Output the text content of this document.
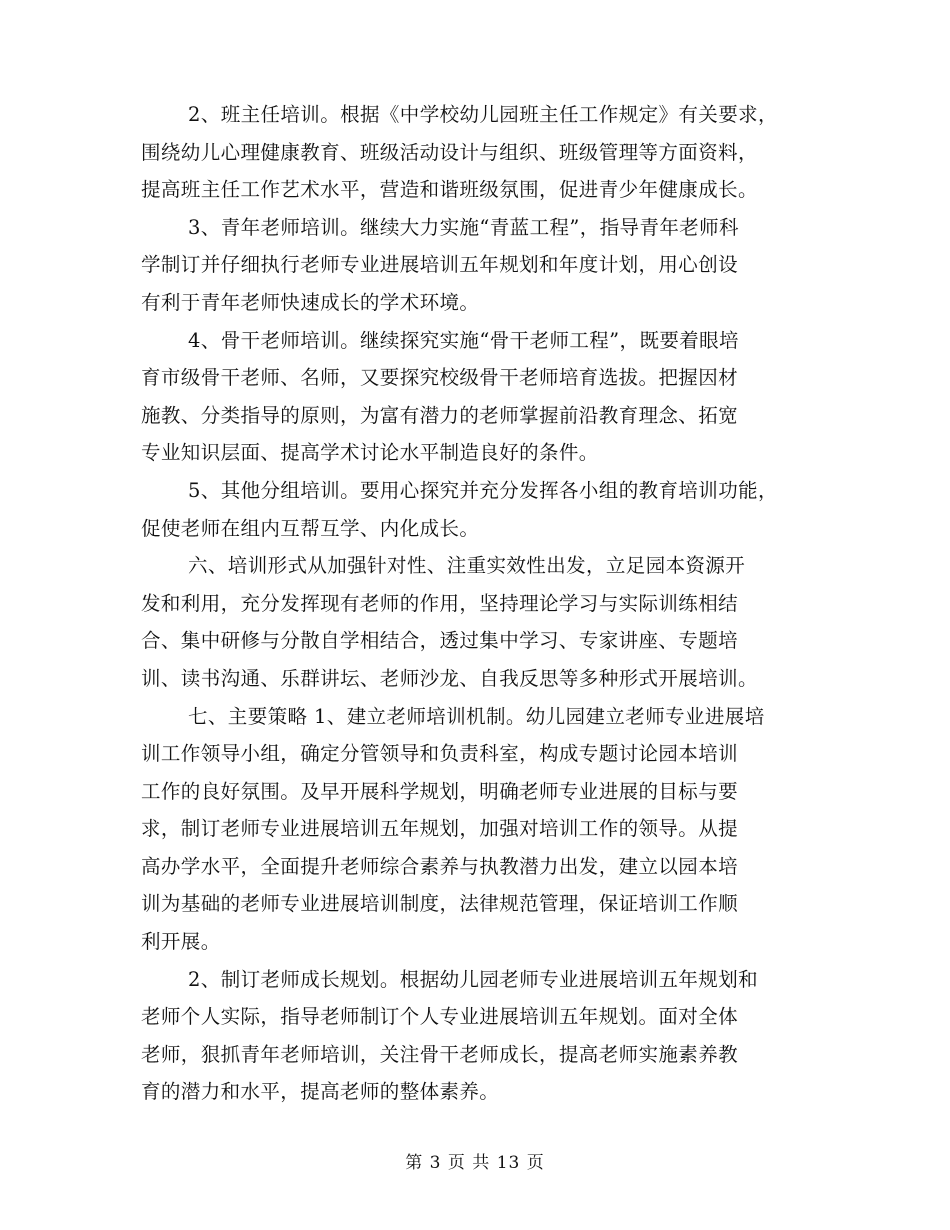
2、班主任培训。根据《中学校幼儿园班主任工作规定》有关要求，
围绕幼儿心理健康教育、班级活动设计与组织、班级管理等方面资料，
提高班主任工作艺术水平，营造和谐班级氛围，促进青少年健康成长。
3、青年老师培训。继续大力实施“青蓝工程”，指导青年老师科
学制订并仔细执行老师专业进展培训五年规划和年度计划，用心创设
有利于青年老师快速成长的学术环境。
4、骨干老师培训。继续探究实施“骨干老师工程”，既要着眼培
育市级骨干老师、名师，又要探究校级骨干老师培育选拔。把握因材
施教、分类指导的原则，为富有潜力的老师掌握前沿教育理念、拓宽
专业知识层面、提高学术讨论水平制造良好的条件。
5、其他分组培训。要用心探究并充分发挥各小组的教育培训功能，
促使老师在组内互帮互学、内化成长。
六、培训形式从加强针对性、注重实效性出发，立足园本资源开
发和利用，充分发挥现有老师的作用，坚持理论学习与实际训练相结
合、集中研修与分散自学相结合，透过集中学习、专家讲座、专题培
训、读书沟通、乐群讲坛、老师沙龙、自我反思等多种形式开展培训。
七、主要策略 1、建立老师培训机制。幼儿园建立老师专业进展培
训工作领导小组，确定分管领导和负责科室，构成专题讨论园本培训
工作的良好氛围。及早开展科学规划，明确老师专业进展的目标与要
求，制订老师专业进展培训五年规划，加强对培训工作的领导。从提
高办学水平，全面提升老师综合素养与执教潜力出发，建立以园本培
训为基础的老师专业进展培训制度，法律规范管理，保证培训工作顺
利开展。
2、制订老师成长规划。根据幼儿园老师专业进展培训五年规划和
老师个人实际，指导老师制订个人专业进展培训五年规划。面对全体
老师，狠抓青年老师培训，关注骨干老师成长，提高老师实施素养教
育的潜力和水平，提高老师的整体素养。
第 3 页 共 13 页
